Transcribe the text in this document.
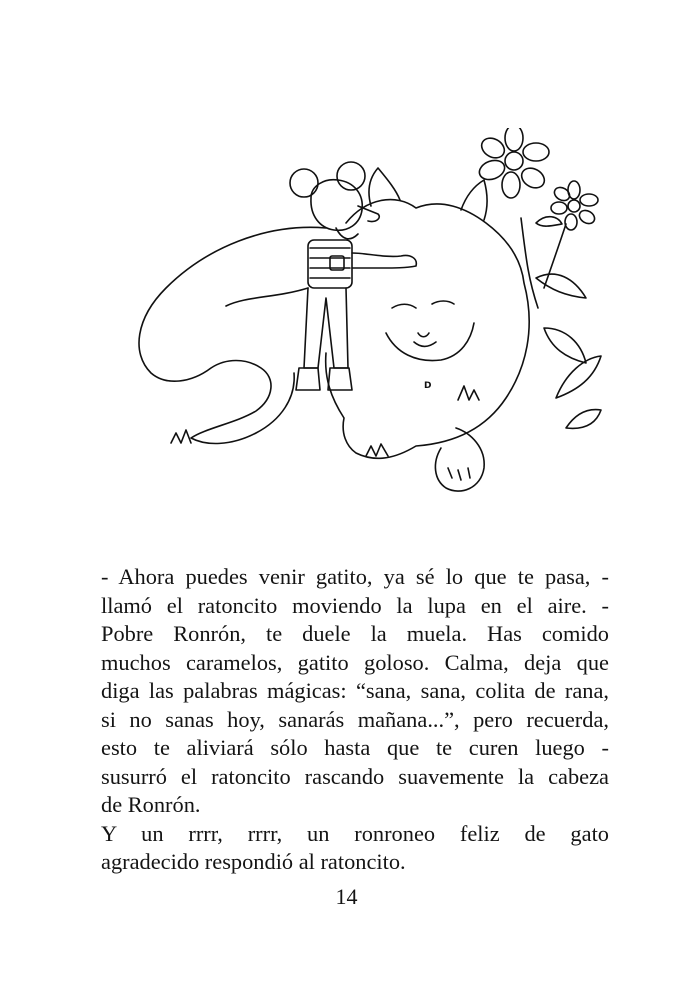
D
- Ahora puedes venir gatito, ya sé lo que te pasa, -
llamó el ratoncito moviendo la lupa en el aire. -
Pobre Ronrón, te duele la muela. Has comido
muchos caramelos, gatito goloso. Calma, deja que
diga las palabras mágicas: “sana, sana, colita de rana,
si no sanas hoy, sanarás mañana...”, pero recuerda,
esto te aliviará sólo hasta que te curen luego -
susurró el ratoncito rascando suavemente la cabeza
de Ronrón.
Y un rrrr, rrrr, un ronroneo feliz de gato
agradecido respondió al ratoncito.
14
